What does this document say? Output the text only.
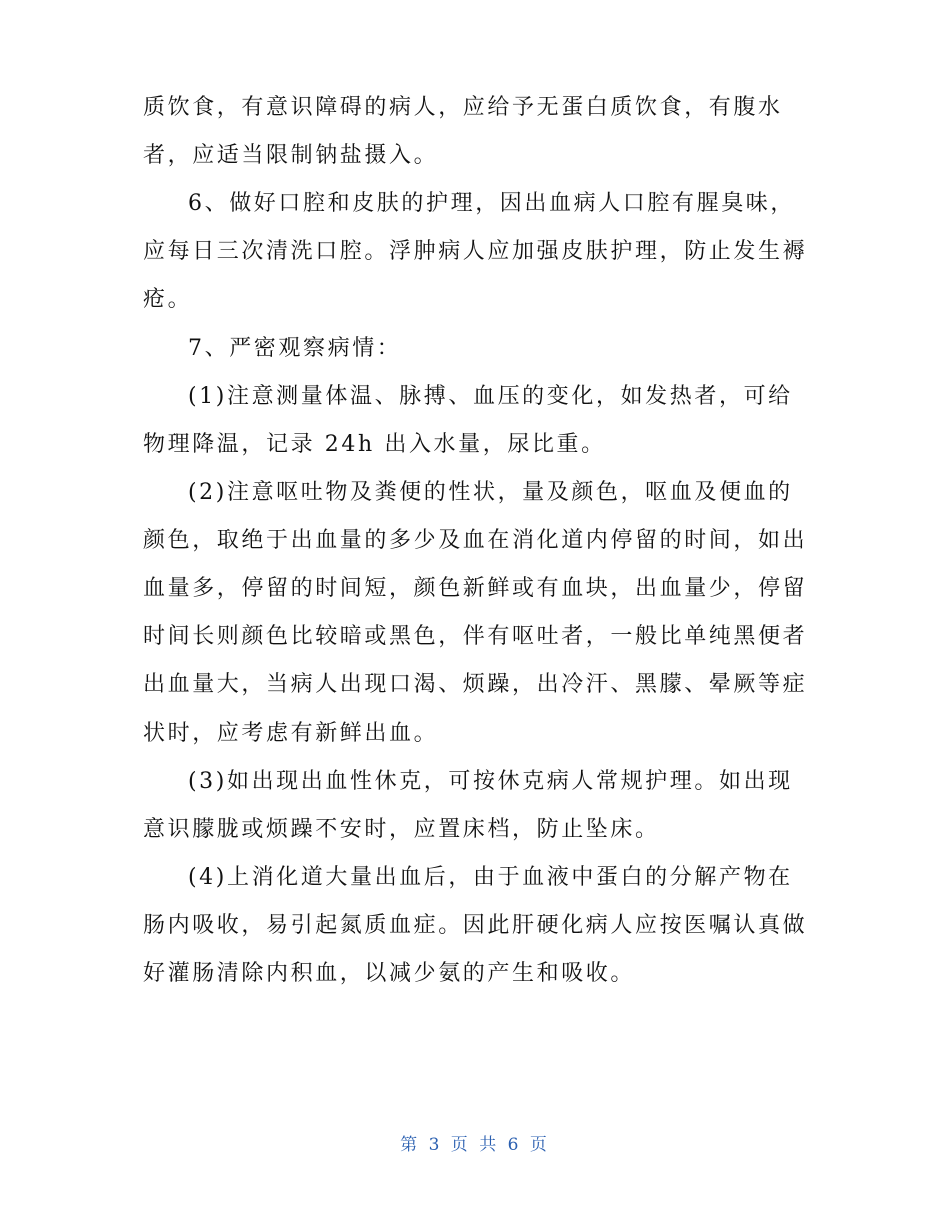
质饮食，有意识障碍的病人，应给予无蛋白质饮食，有腹水
者，应适当限制钠盐摄入。
6、做好口腔和皮肤的护理，因出血病人口腔有腥臭味，
应每日三次清洗口腔。浮肿病人应加强皮肤护理，防止发生褥
疮。
7、严密观察病情：
(1)注意测量体温、脉搏、血压的变化，如发热者，可给
物理降温，记录 24h 出入水量，尿比重。
(2)注意呕吐物及粪便的性状，量及颜色，呕血及便血的
颜色，取绝于出血量的多少及血在消化道内停留的时间，如出
血量多，停留的时间短，颜色新鲜或有血块，出血量少，停留
时间长则颜色比较暗或黑色，伴有呕吐者，一般比单纯黑便者
出血量大，当病人出现口渴、烦躁，出冷汗、黑朦、晕厥等症
状时，应考虑有新鲜出血。
(3)如出现出血性休克，可按休克病人常规护理。如出现
意识朦胧或烦躁不安时，应置床档，防止坠床。
(4)上消化道大量出血后，由于血液中蛋白的分解产物在
肠内吸收，易引起氮质血症。因此肝硬化病人应按医嘱认真做
好灌肠清除内积血，以减少氨的产生和吸收。
第 3 页 共 6 页
